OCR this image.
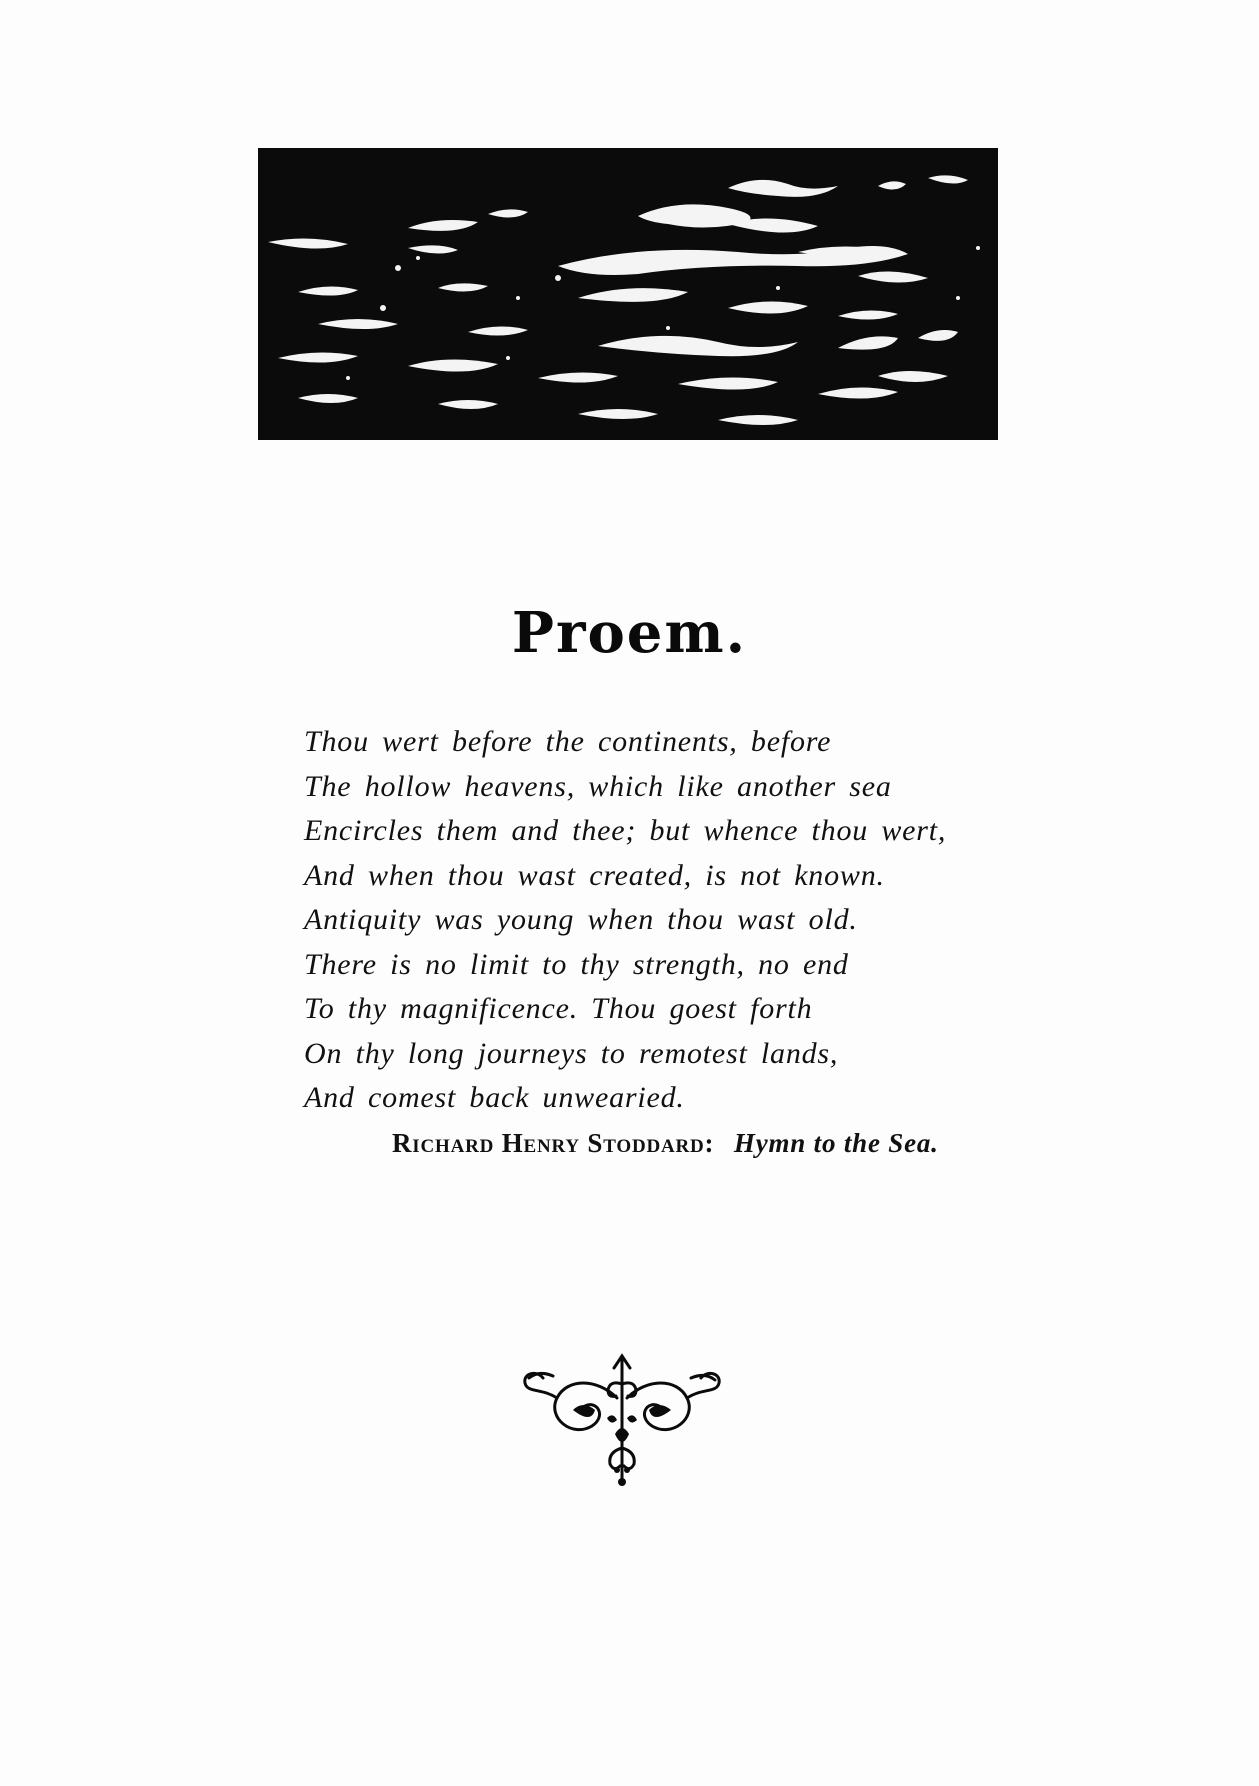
Proem.
Thou wert before the continents, before
The hollow heavens, which like another sea
Encircles them and thee; but whence thou wert,
And when thou wast created, is not known.
Antiquity was young when thou wast old.
There is no limit to thy strength, no end
To thy magnificence. Thou goest forth
On thy long journeys to remotest lands,
And comest back unwearied.
Richard Henry Stoddard: Hymn to the Sea.
